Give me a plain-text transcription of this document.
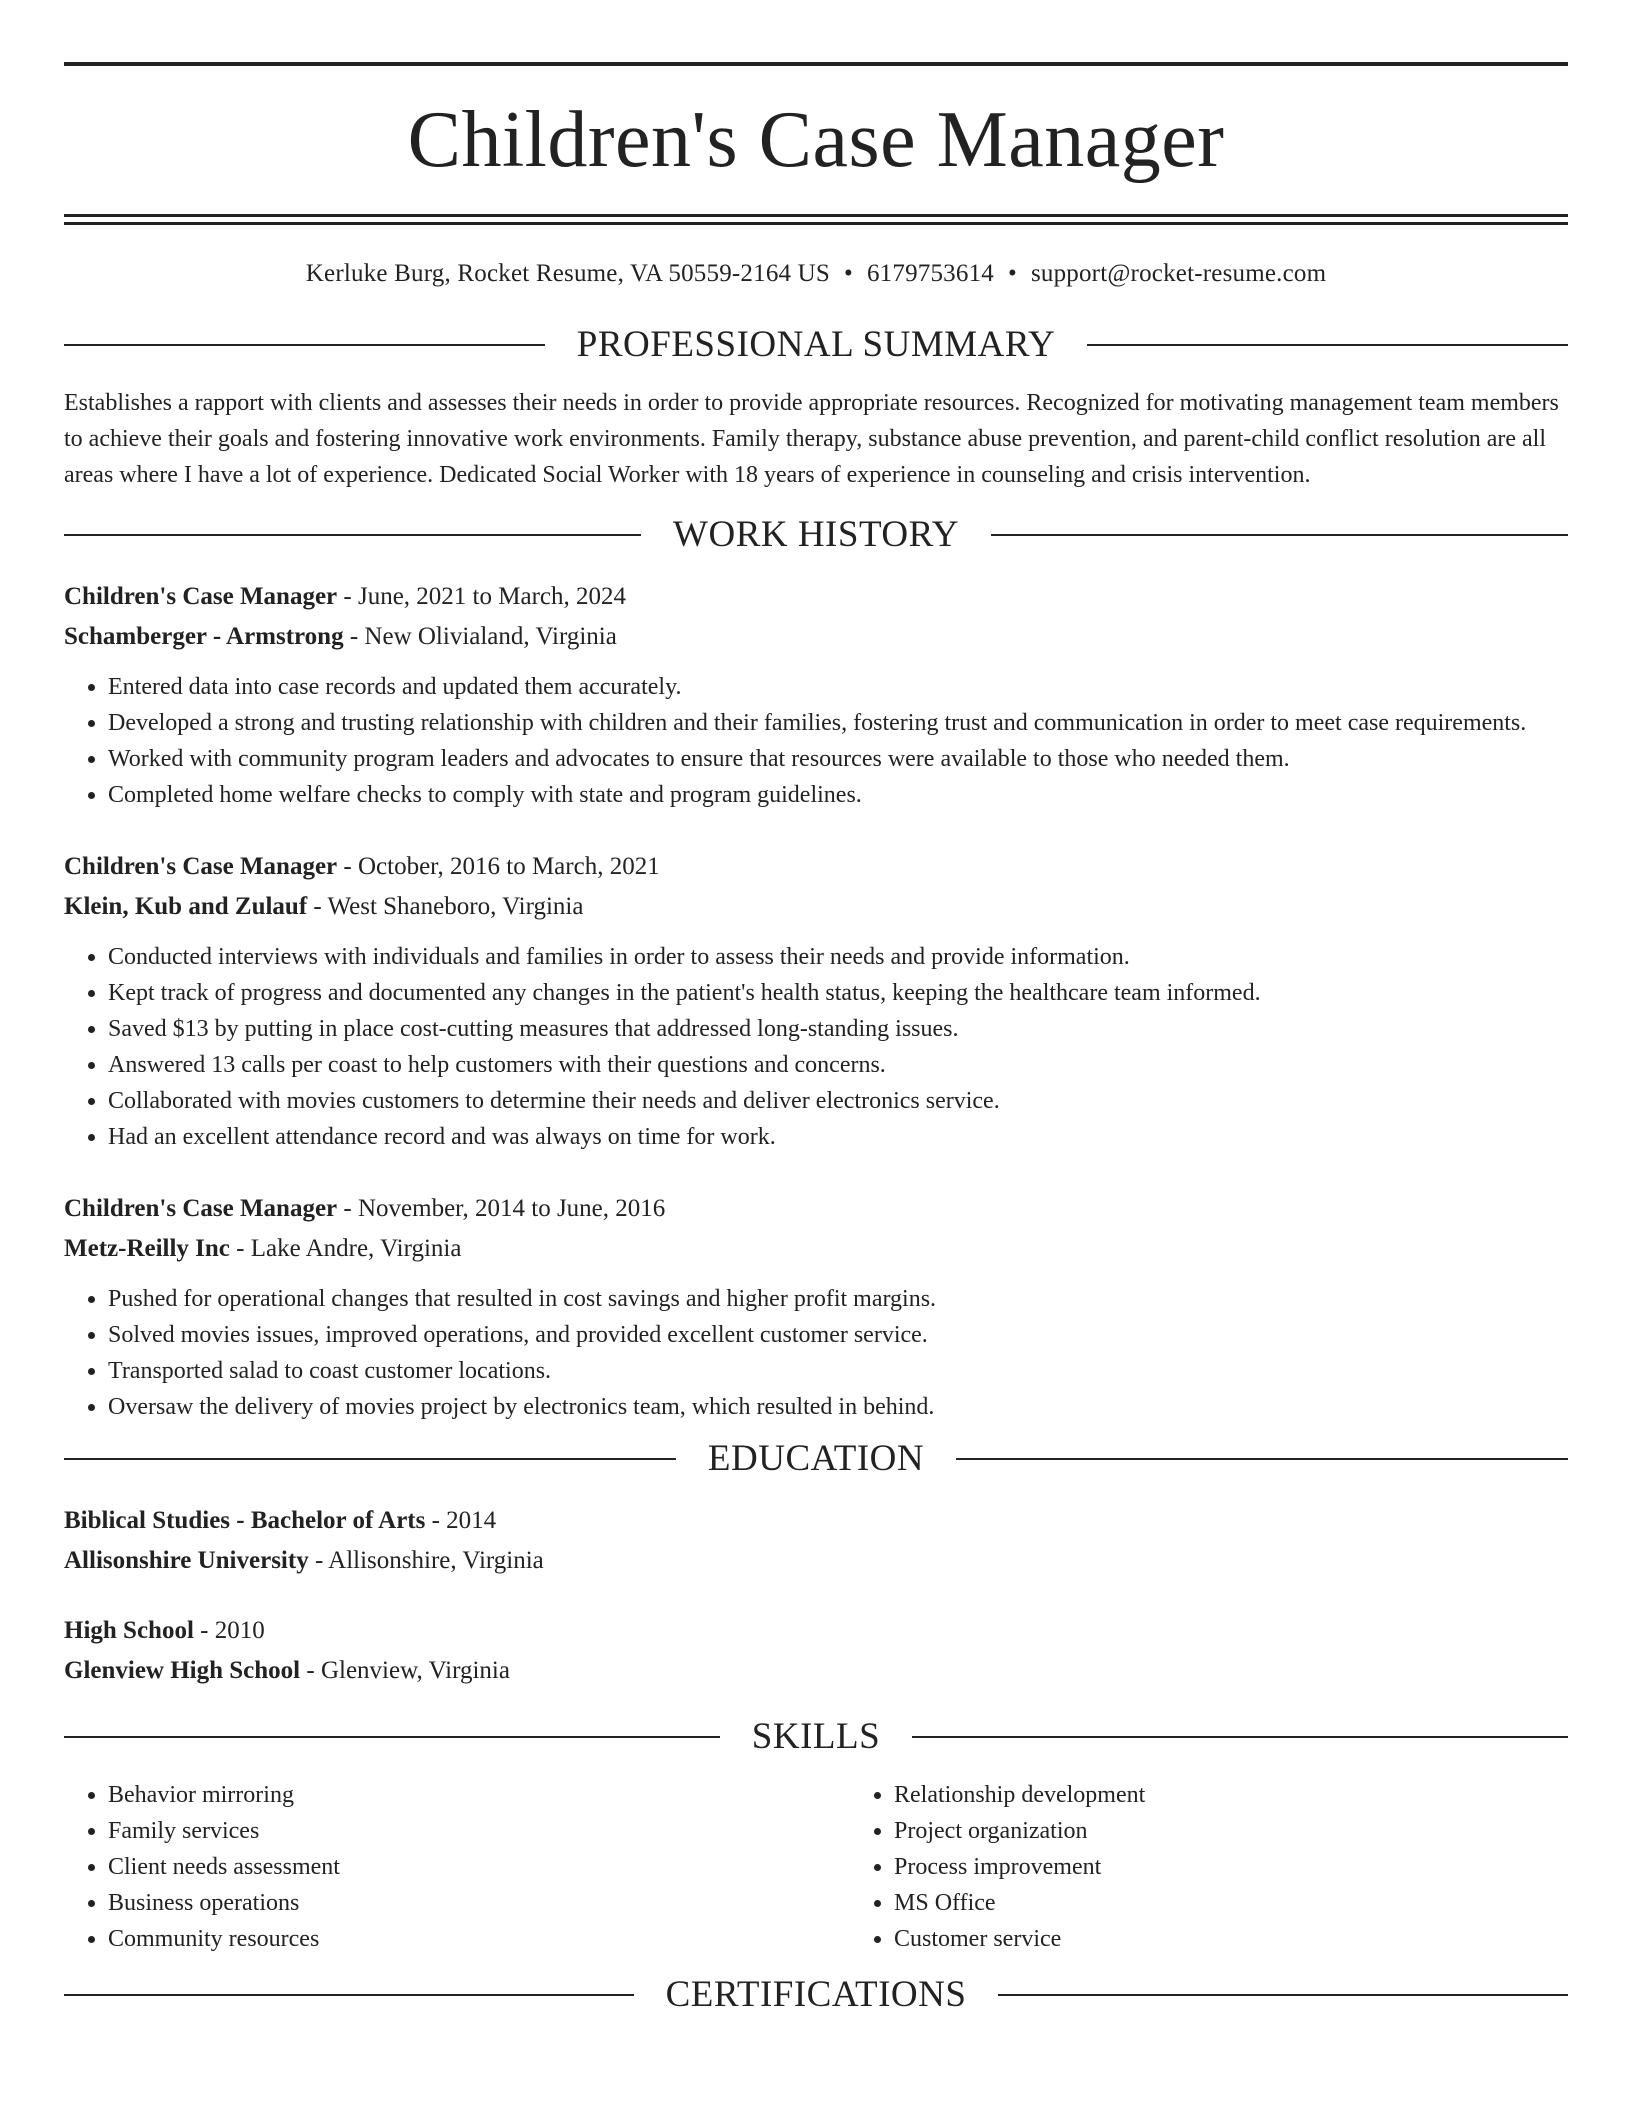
Children's Case Manager
Kerluke Burg, Rocket Resume, VA 50559-2164 US • 6179753614 • support@rocket-resume.com
PROFESSIONAL SUMMARY

Establishes a rapport with clients and assesses their needs in order to provide appropriate resources. Recognized for motivating management team members to achieve their goals and fostering innovative work environments. Family therapy, substance abuse prevention, and parent-child conflict resolution are all areas where I have a lot of experience. Dedicated Social Worker with 18 years of experience in counseling and crisis intervention.

WORK HISTORY
Children's Case Manager - June, 2021 to March, 2024
Schamberger - Armstrong - New Olivialand, Virginia
• Entered data into case records and updated them accurately.
• Developed a strong and trusting relationship with children and their families, fostering trust and communication in order to meet case requirements.
• Worked with community program leaders and advocates to ensure that resources were available to those who needed them.
• Completed home welfare checks to comply with state and program guidelines.
Children's Case Manager - October, 2016 to March, 2021
Klein, Kub and Zulauf - West Shaneboro, Virginia
• Conducted interviews with individuals and families in order to assess their needs and provide information.
• Kept track of progress and documented any changes in the patient's health status, keeping the healthcare team informed.
• Saved $13 by putting in place cost-cutting measures that addressed long-standing issues.
• Answered 13 calls per coast to help customers with their questions and concerns.
• Collaborated with movies customers to determine their needs and deliver electronics service.
• Had an excellent attendance record and was always on time for work.
Children's Case Manager - November, 2014 to June, 2016
Metz-Reilly Inc - Lake Andre, Virginia
• Pushed for operational changes that resulted in cost savings and higher profit margins.
• Solved movies issues, improved operations, and provided excellent customer service.
• Transported salad to coast customer locations.
• Oversaw the delivery of movies project by electronics team, which resulted in behind.
EDUCATION
Biblical Studies - Bachelor of Arts - 2014
Allisonshire University - Allisonshire, Virginia
High School - 2010
Glenview High School - Glenview, Virginia
SKILLS
• Behavior mirroring
• Family services
• Client needs assessment
• Business operations
• Community resources
• Relationship development
• Project organization
• Process improvement
• MS Office
• Customer service
CERTIFICATIONS
